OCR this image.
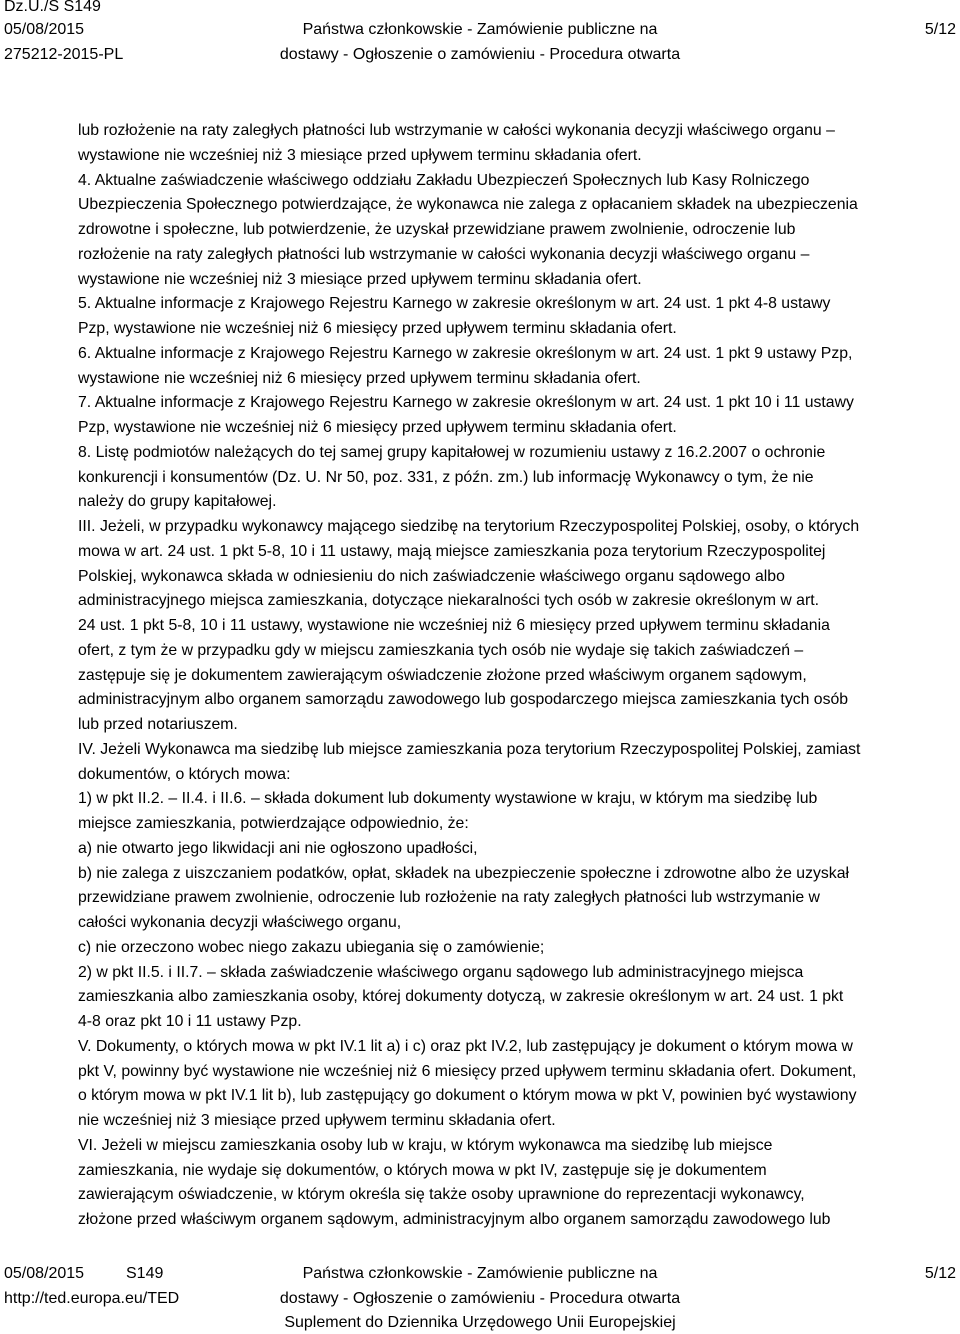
Dz.U./S S149
05/08/2015
275212-2015-PL
Państwa członkowskie - Zamówienie publiczne na
dostawy - Ogłoszenie o zamówieniu - Procedura otwarta
5/12

lub rozłożenie na raty zaległych płatności lub wstrzymanie w całości wykonania decyzji właściwego organu –

wystawione nie wcześniej niż 3 miesiące przed upływem terminu składania ofert.

4. Aktualne zaświadczenie właściwego oddziału Zakładu Ubezpieczeń Społecznych lub Kasy Rolniczego

Ubezpieczenia Społecznego potwierdzające, że wykonawca nie zalega z opłacaniem składek na ubezpieczenia

zdrowotne i społeczne, lub potwierdzenie, że uzyskał przewidziane prawem zwolnienie, odroczenie lub

rozłożenie na raty zaległych płatności lub wstrzymanie w całości wykonania decyzji właściwego organu –

wystawione nie wcześniej niż 3 miesiące przed upływem terminu składania ofert.

5. Aktualne informacje z Krajowego Rejestru Karnego w zakresie określonym w art. 24 ust. 1 pkt 4-8 ustawy

Pzp, wystawione nie wcześniej niż 6 miesięcy przed upływem terminu składania ofert.

6. Aktualne informacje z Krajowego Rejestru Karnego w zakresie określonym w art. 24 ust. 1 pkt 9 ustawy Pzp,

wystawione nie wcześniej niż 6 miesięcy przed upływem terminu składania ofert.

7. Aktualne informacje z Krajowego Rejestru Karnego w zakresie określonym w art. 24 ust. 1 pkt 10 i 11 ustawy

Pzp, wystawione nie wcześniej niż 6 miesięcy przed upływem terminu składania ofert.

8. Listę podmiotów należących do tej samej grupy kapitałowej w rozumieniu ustawy z 16.2.2007 o ochronie

konkurencji i konsumentów (Dz. U. Nr 50, poz. 331, z późn. zm.) lub informację Wykonawcy o tym, że nie

należy do grupy kapitałowej.

III. Jeżeli, w przypadku wykonawcy mającego siedzibę na terytorium Rzeczypospolitej Polskiej, osoby, o których

mowa w art. 24 ust. 1 pkt 5-8, 10 i 11 ustawy, mają miejsce zamieszkania poza terytorium Rzeczypospolitej

Polskiej, wykonawca składa w odniesieniu do nich zaświadczenie właściwego organu sądowego albo

administracyjnego miejsca zamieszkania, dotyczące niekaralności tych osób w zakresie określonym w art.

24 ust. 1 pkt 5-8, 10 i 11 ustawy, wystawione nie wcześniej niż 6 miesięcy przed upływem terminu składania

ofert, z tym że w przypadku gdy w miejscu zamieszkania tych osób nie wydaje się takich zaświadczeń –

zastępuje się je dokumentem zawierającym oświadczenie złożone przed właściwym organem sądowym,

administracyjnym albo organem samorządu zawodowego lub gospodarczego miejsca zamieszkania tych osób

lub przed notariuszem.

IV. Jeżeli Wykonawca ma siedzibę lub miejsce zamieszkania poza terytorium Rzeczypospolitej Polskiej, zamiast

dokumentów, o których mowa:

1) w pkt II.2. – II.4. i II.6. – składa dokument lub dokumenty wystawione w kraju, w którym ma siedzibę lub

miejsce zamieszkania, potwierdzające odpowiednio, że:

a) nie otwarto jego likwidacji ani nie ogłoszono upadłości,

b) nie zalega z uiszczaniem podatków, opłat, składek na ubezpieczenie społeczne i zdrowotne albo że uzyskał

przewidziane prawem zwolnienie, odroczenie lub rozłożenie na raty zaległych płatności lub wstrzymanie w

całości wykonania decyzji właściwego organu,

c) nie orzeczono wobec niego zakazu ubiegania się o zamówienie;

2) w pkt II.5. i II.7. – składa zaświadczenie właściwego organu sądowego lub administracyjnego miejsca

zamieszkania albo zamieszkania osoby, której dokumenty dotyczą, w zakresie określonym w art. 24 ust. 1 pkt

4-8 oraz pkt 10 i 11 ustawy Pzp.

V. Dokumenty, o których mowa w pkt IV.1 lit a) i c) oraz pkt IV.2, lub zastępujący je dokument o którym mowa w

pkt V, powinny być wystawione nie wcześniej niż 6 miesięcy przed upływem terminu składania ofert. Dokument,

o którym mowa w pkt IV.1 lit b), lub zastępujący go dokument o którym mowa w pkt V, powinien być wystawiony

nie wcześniej niż 3 miesiące przed upływem terminu składania ofert.

VI. Jeżeli w miejscu zamieszkania osoby lub w kraju, w którym wykonawca ma siedzibę lub miejsce

zamieszkania, nie wydaje się dokumentów, o których mowa w pkt IV, zastępuje się je dokumentem

zawierającym oświadczenie, w którym określa się także osoby uprawnione do reprezentacji wykonawcy,

złożone przed właściwym organem sądowym, administracyjnym albo organem samorządu zawodowego lub

05/08/2015	S149
http://ted.europa.eu/TED
Państwa członkowskie - Zamówienie publiczne na
dostawy - Ogłoszenie o zamówieniu - Procedura otwarta
Suplement do Dziennika Urzędowego Unii Europejskiej
5/12
